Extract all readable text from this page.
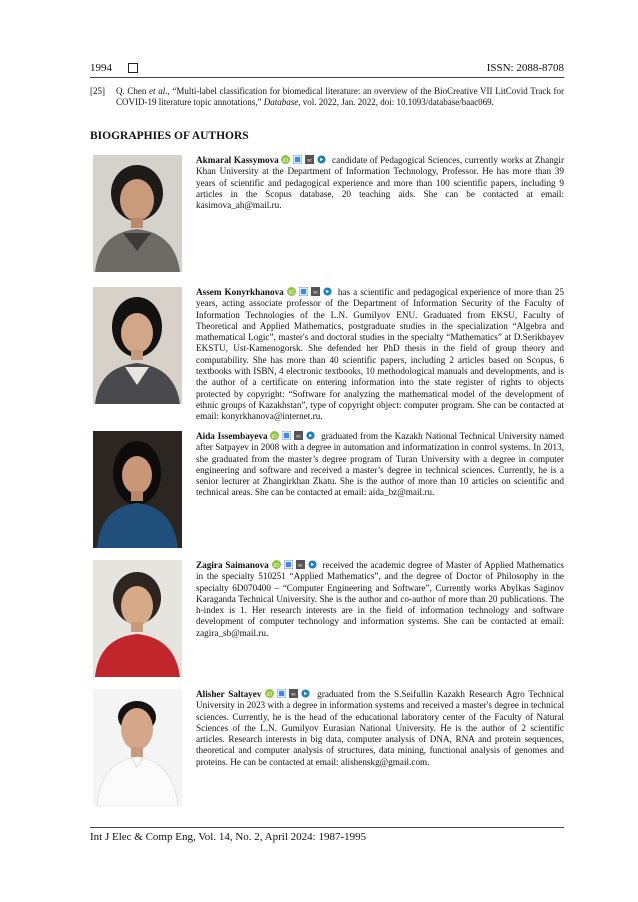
1994	ISSN: 2088-8708
[25] Q. Chen et al., “Multi-label classification for biomedical literature: an overview of the BioCreative VII LitCovid Track for COVID-19 literature topic annotations,” Database, vol. 2022, Jan. 2022, doi: 10.1093/database/baac069.
BIOGRAPHIES OF AUTHORS
Akmaral Kassymova iD	sc candidate of Pedagogical Sciences, currently works at Zhangir Khan University at the Department of Information Technology, Professor. He has more than 39 years of scientific and pedagogical experience and more than 100 scientific papers, including 9 articles in the Scopus database, 20 teaching aids. She can be contacted at email: kasimova_ah@mail.ru.
Assem Konyrkhanova iD	sc has a scientific and pedagogical experience of more than 25 years, acting associate professor of the Department of Information Security of the Faculty of Information Technologies of the L.N. Gumilyov ENU. Graduated from EKSU, Faculty of Theoretical and Applied Mathematics, postgraduate studies in the specialization “Algebra and mathematical Logic”, master's and doctoral studies in the specialty “Mathematics” at D.Serikbayev EKSTU, Ust-Kamenogorsk. She defended her PhD thesis in the field of group theory and computability. She has more than 40 scientific papers, including 2 articles based on Scopus, 6 textbooks with ISBN, 4 electronic textbooks, 10 methodological manuals and developments, and is the author of a certificate on entering information into the state register of rights to objects protected by copyright: “Software for analyzing the mathematical model of the development of ethnic groups of Kazakhstan”, type of copyright object: computer program. She can be contacted at email: konyrkhanova@internet.ru.
Aida Issembayeva iD	sc graduated from the Kazakh National Technical University named after Satpayev in 2008 with a degree in automation and informatization in control systems. In 2013, she graduated from the master’s degree program of Turan University with a degree in computer engineering and software and received a master’s degree in technical sciences. Currently, he is a senior lecturer at Zhangirkhan Zkatu. She is the author of more than 10 articles on scientific and technical areas. She can be contacted at email: aida_bz@mail.ru.
Zagira Saimanova iD	sc received the academic degree of Master of Applied Mathematics in the specialty 510251 “Applied Mathematics”, and the degree of Doctor of Philosophy in the specialty 6D070400 – “Computer Engineering and Software”, Currently works Abylkas Saginov Karaganda Technical University. She is the author and co-author of more than 20 publications. The h-index is 1. Her research interests are in the field of information technology and software development of computer technology and information systems. She can be contacted at email: zagira_sb@mail.ru.
Alisher Saltayev iD	sc graduated from the S.Seifullin Kazakh Research Agro Technical University in 2023 with a degree in information systems and received a master's degree in technical sciences. Currently, he is the head of the educational laboratory center of the Faculty of Natural Sciences of the L.N. Gumilyov Eurasian National University. He is the author of 2 scientific articles. Research interests in big data, computer analysis of DNA, RNA and protein sequences, theoretical and computer analysis of structures, data mining, functional analysis of genomes and proteins. He can be contacted at email: alishenskg@gmail.com.
Int J Elec & Comp Eng, Vol. 14, No. 2, April 2024: 1987-1995
